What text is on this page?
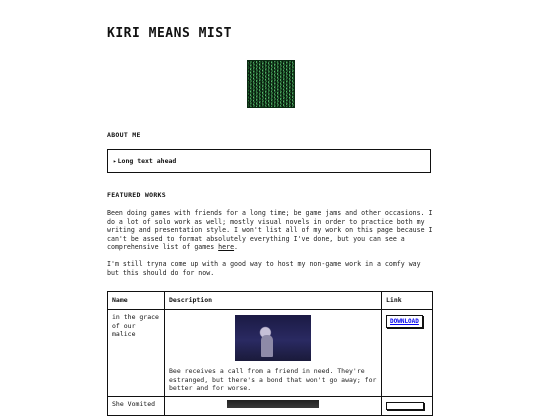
KIRI MEANS MIST
ABOUT ME
▸ Long text ahead
FEATURED WORKS

Been doing games with friends for a long time; be game jams and other occasions. I do a lot of solo work as well; mostly visual novels in order to practice both my writing and presentation style. I won't list all of my work on this page because I can't be assed to format absolutely everything I've done, but you can see a comprehensive list of games here.

I'm still tryna come up with a good way to host my non-game work in a comfy way but this should do for now.

Name	Description	Link
in the grace of our malice	Bee receives a call from a friend in need. They're estranged, but there's a bond that won't go away; for better and for worse.	DOWNLOAD
She Vomited	
